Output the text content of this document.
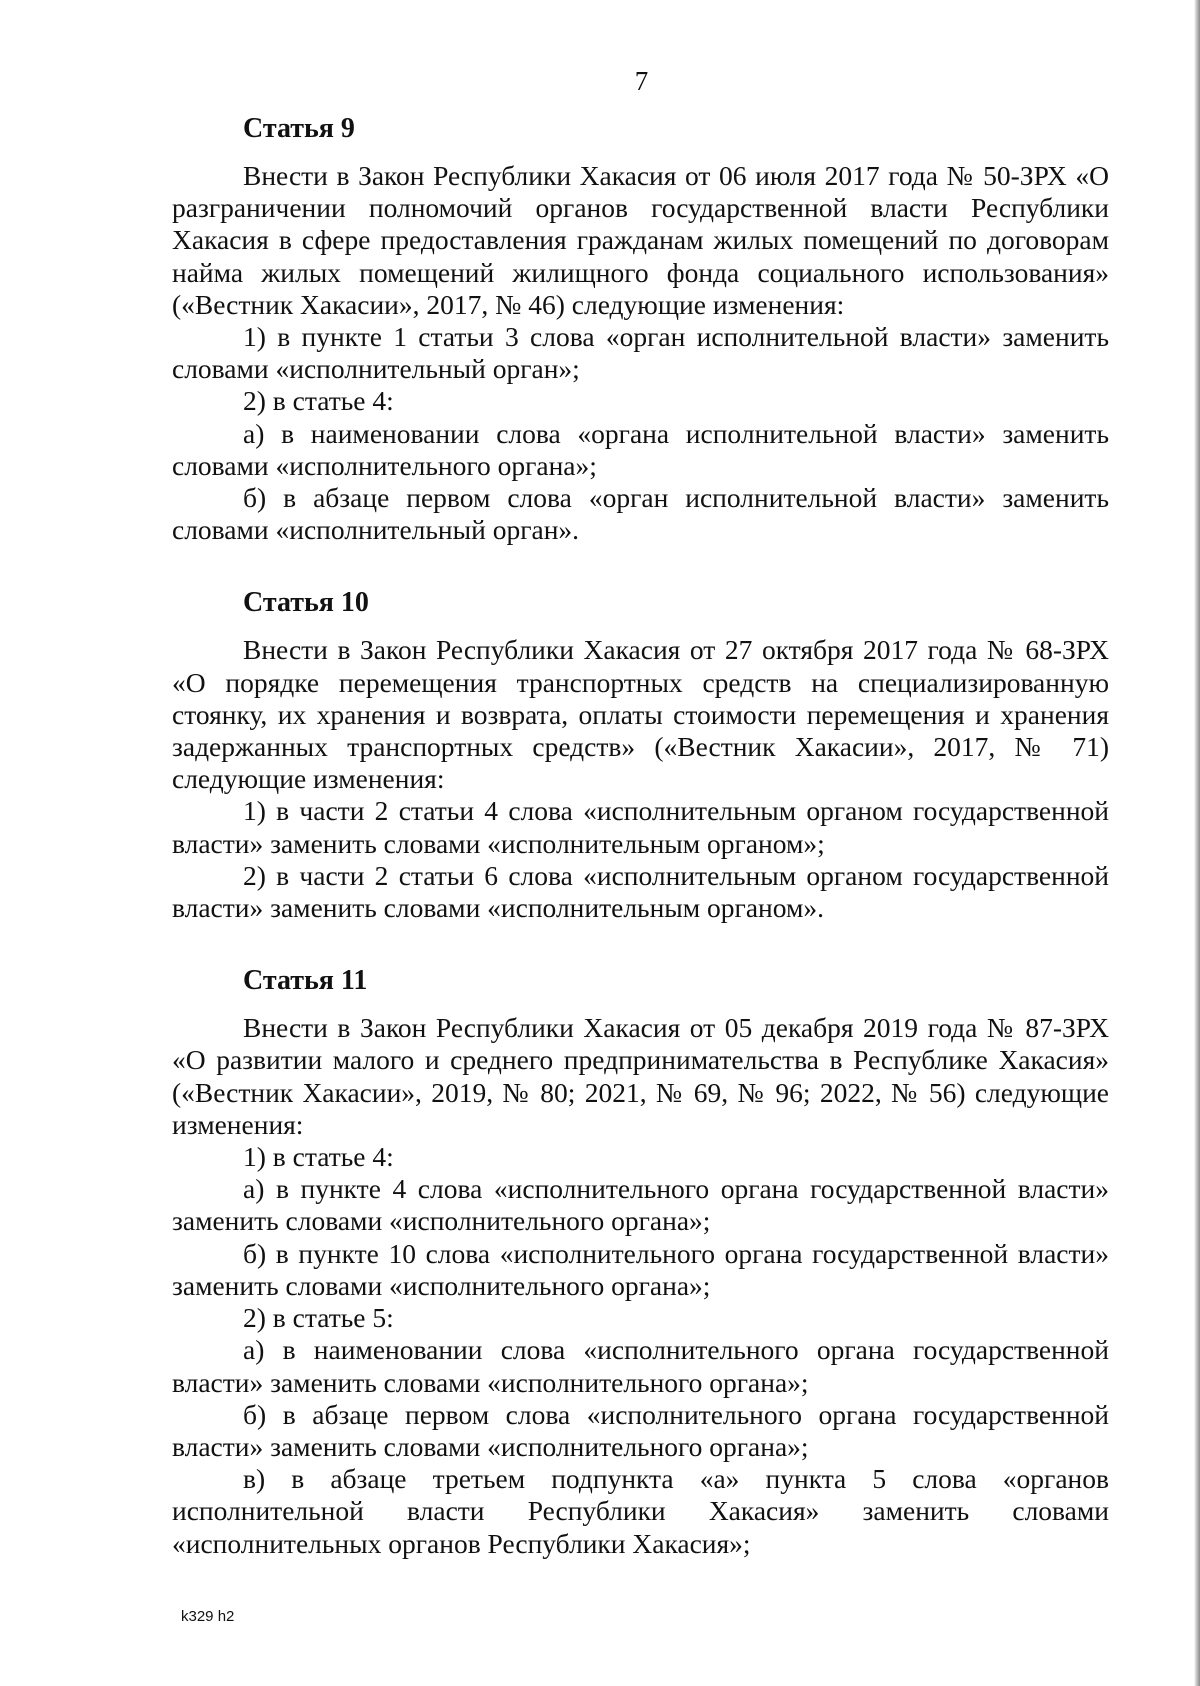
7
Статья 9

Внести в Закон Республики Хакасия от 06 июля 2017 года № 50-ЗРХ «О разграничении полномочий органов государственной власти Республики Хакасия в сфере предоставления гражданам жилых помещений по договорам найма жилых помещений жилищного фонда социального использования» («Вестник Хакасии», 2017, № 46) следующие изменения:

1) в пункте 1 статьи 3 слова «орган исполнительной власти» заменить словами «исполнительный орган»;

2) в статье 4:

а) в наименовании слова «органа исполнительной власти» заменить словами «исполнительного органа»;

б) в абзаце первом слова «орган исполнительной власти» заменить словами «исполнительный орган».

Статья 10

Внести в Закон Республики Хакасия от 27 октября 2017 года № 68-ЗРХ «О порядке перемещения транспортных средств на специализированную стоянку, их хранения и возврата, оплаты стоимости перемещения и хранения задержанных транспортных средств» («Вестник Хакасии», 2017, № 71) следующие изменения:

1) в части 2 статьи 4 слова «исполнительным органом государственной власти» заменить словами «исполнительным органом»;

2) в части 2 статьи 6 слова «исполнительным органом государственной власти» заменить словами «исполнительным органом».

Статья 11

Внести в Закон Республики Хакасия от 05 декабря 2019 года № 87-ЗРХ «О развитии малого и среднего предпринимательства в Республике Хакасия» («Вестник Хакасии», 2019, № 80; 2021, № 69, № 96; 2022, № 56) следующие изменения:

1) в статье 4:

а) в пункте 4 слова «исполнительного органа государственной власти» заменить словами «исполнительного органа»;

б) в пункте 10 слова «исполнительного органа государственной власти» заменить словами «исполнительного органа»;

2) в статье 5:

а) в наименовании слова «исполнительного органа государственной власти» заменить словами «исполнительного органа»;

б) в абзаце первом слова «исполнительного органа государственной власти» заменить словами «исполнительного органа»;

в) в абзаце третьем подпункта «а» пункта 5 слова «органов исполнительной власти Республики Хакасия» заменить словами «исполнительных органов Республики Хакасия»;

k329 h2
